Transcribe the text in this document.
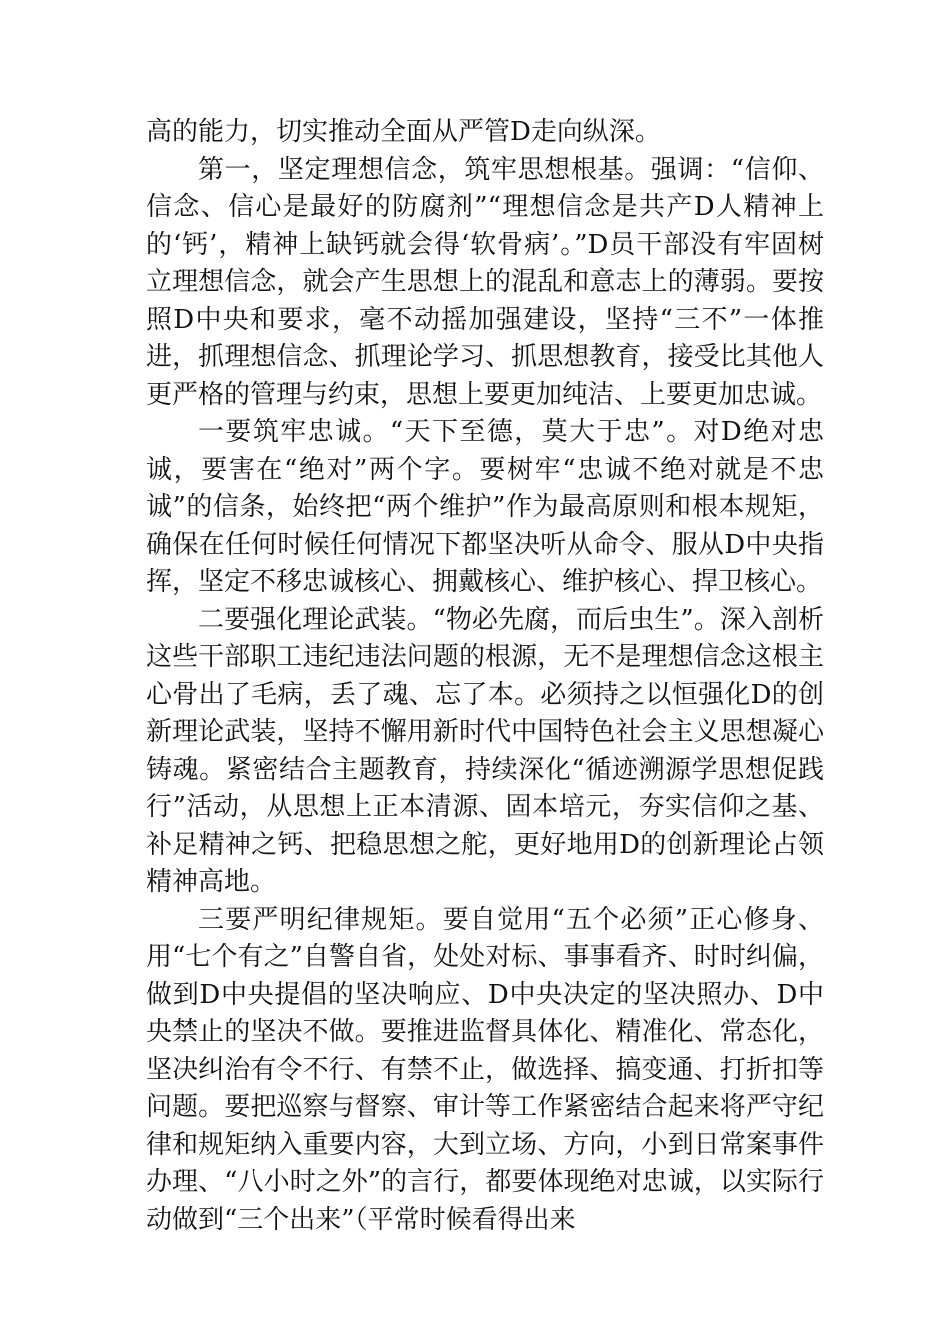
高的能力，切实推动全面从严管D走向纵深。

第一，坚定理想信念，筑牢思想根基。强调：“信仰、信念、信心是最好的防腐剂”“理想信念是共产D人精神上的‘钙’，精神上缺钙就会得‘软骨病’。”D员干部没有牢固树立理想信念，就会产生思想上的混乱和意志上的薄弱。要按照D中央和要求，毫不动摇加强建设，坚持“三不”一体推进，抓理想信念、抓理论学习、抓思想教育，接受比其他人更严格的管理与约束，思想上要更加纯洁、上要更加忠诚。

一要筑牢忠诚。“天下至德，莫大于忠”。对D绝对忠诚，要害在“绝对”两个字。要树牢“忠诚不绝对就是不忠诚”的信条，始终把“两个维护”作为最高原则和根本规矩，确保在任何时候任何情况下都坚决听从命令、服从D中央指挥，坚定不移忠诚核心、拥戴核心、维护核心、捍卫核心。

二要强化理论武装。“物必先腐，而后虫生”。深入剖析这些干部职工违纪违法问题的根源，无不是理想信念这根主心骨出了毛病，丢了魂、忘了本。必须持之以恒强化D的创新理论武装，坚持不懈用新时代中国特色社会主义思想凝心铸魂。紧密结合主题教育，持续深化“循迹溯源学思想促践行”活动，从思想上正本清源、固本培元，夯实信仰之基、补足精神之钙、把稳思想之舵，更好地用D的创新理论占领精神高地。

三要严明纪律规矩。要自觉用“五个必须”正心修身、用“七个有之”自警自省，处处对标、事事看齐、时时纠偏，做到D中央提倡的坚决响应、D中央决定的坚决照办、D中央禁止的坚决不做。要推进监督具体化、精准化、常态化，坚决纠治有令不行、有禁不止，做选择、搞变通、打折扣等问题。要把巡察与督察、审计等工作紧密结合起来将严守纪律和规矩纳入重要内容，大到立场、方向，小到日常案事件办理、“八小时之外”的言行，都要体现绝对忠诚，以实际行动做到“三个出来”（平常时候看得出来
